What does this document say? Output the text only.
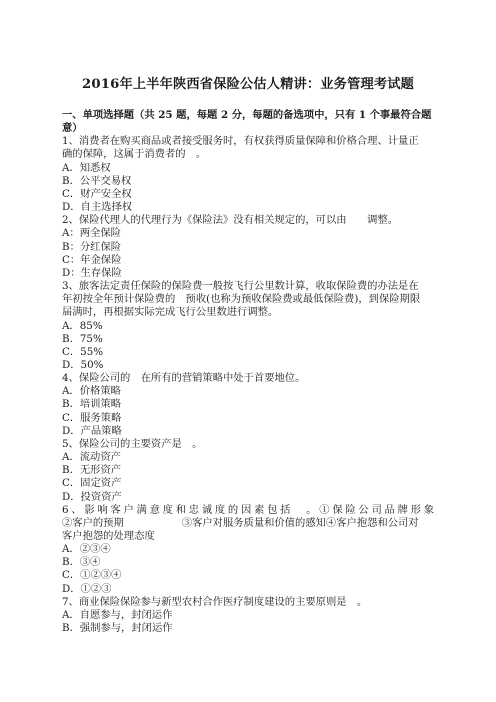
2016年上半年陕西省保险公估人精讲：业务管理考试题
一、单项选择题（共 25 题，每题 2 分，每题的备选项中，只有 1 个事最符合题
意）
1、消费者在购买商品或者接受服务时，有权获得质量保障和价格合理、计量正
确的保障，这属于消费者的　。
A．知悉权
B．公平交易权
C．财产安全权
D．自主选择权
2、保险代理人的代理行为《保险法》没有相关规定的，可以由　　调整。
A：两全保险
B：分红保险
C：年金保险
D：生存保险
3、旅客法定责任保险的保险费一般按飞行公里数计算，收取保险费的办法是在
年初按全年预计保险费的　预收(也称为预收保险费或最低保险费)，到保险期限
届满时，再根据实际完成飞行公里数进行调整。
A．85%
B．75%
C．55%
D．50%
4、保险公司的　在所有的营销策略中处于首要地位。
A．价格策略
B．培训策略
C．服务策略
D．产品策略
5、保险公司的主要资产是　。
A．流动资产
B．无形资产
C．固定资产
D．投资资产
6、影响客户满意度和忠诚度的因素包括　。①保险公司品牌形象
②客户的预期	③客户对服务质量和价值的感知④客户抱怨和公司对
客户抱怨的处理态度
A．②③④
B．③④
C．①②③④
D．①②③
7、商业保险保险参与新型农村合作医疗制度建设的主要原则是　。
A．自愿参与，封闭运作
B．强制参与，封闭运作
